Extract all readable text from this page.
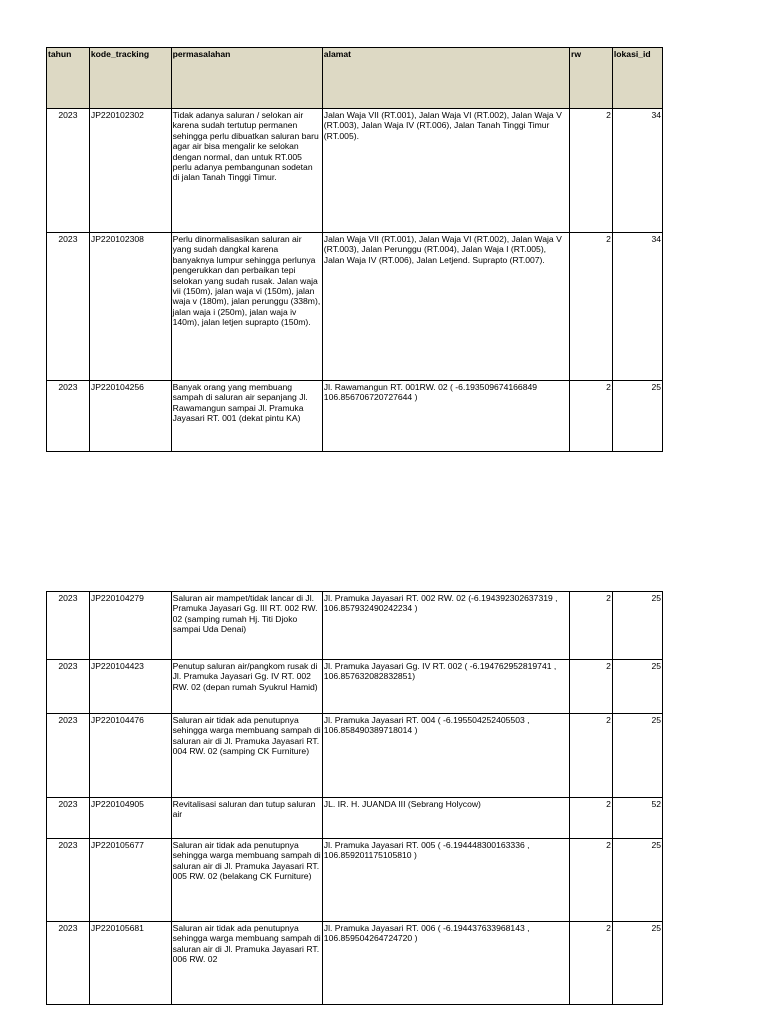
tahun	kode_tracking	permasalahan	alamat	rw	lokasi_id
2023	JP220102302	Tidak adanya saluran / selokan air karena sudah tertutup permanen sehingga perlu dibuatkan saluran baru agar air bisa mengalir ke selokan dengan normal, dan untuk RT.005 perlu adanya pembangunan sodetan di jalan Tanah Tinggi Timur.	Jalan Waja VII (RT.001), Jalan Waja VI (RT.002), Jalan Waja V (RT.003), Jalan Waja IV (RT.006), Jalan Tanah Tinggi Timur (RT.005).	2	34
2023	JP220102308	Perlu dinormalisasikan saluran air yang sudah dangkal karena banyaknya lumpur sehingga perlunya pengerukkan dan perbaikan tepi selokan yang sudah rusak. Jalan waja vii (150m), jalan waja vi (150m), jalan waja v (180m), jalan perunggu (338m), jalan waja i (250m), jalan waja iv 140m), jalan letjen suprapto (150m).	Jalan Waja VII (RT.001), Jalan Waja VI (RT.002), Jalan Waja V (RT.003), Jalan Perunggu (RT.004), Jalan Waja I (RT.005), Jalan Waja IV (RT.006), Jalan Letjend. Suprapto (RT.007).	2	34
2023	JP220104256	Banyak orang yang membuang sampah di saluran air sepanjang Jl. Rawamangun sampai Jl. Pramuka Jayasari RT. 001 (dekat pintu KA)	Jl. Rawamangun RT. 001RW. 02 ( -6.193509674166849 106.856706720727644 )	2	25
2023	JP220104279	Saluran air mampet/tidak lancar di Jl. Pramuka Jayasari Gg. III RT. 002 RW. 02 (samping rumah Hj. Titi Djoko sampai Uda Denai)	Jl. Pramuka Jayasari RT. 002 RW. 02 (-6.194392302637319 , 106.857932490242234 )	2	25
2023	JP220104423	Penutup saluran air/pangkom rusak di Jl. Pramuka Jayasari Gg. IV RT. 002 RW. 02 (depan rumah Syukrul Hamid)	Jl. Pramuka Jayasari Gg. IV RT. 002 ( -6.194762952819741 , 106.857632082832851)	2	25
2023	JP220104476	Saluran air tidak ada penutupnya sehingga warga membuang sampah di saluran air di Jl. Pramuka Jayasari RT. 004 RW. 02 (samping CK Furniture)	Jl. Pramuka Jayasari RT. 004 ( -6.195504252405503 , 106.858490389718014 )	2	25
2023	JP220104905	Revitalisasi saluran dan tutup saluran air	JL. IR. H. JUANDA III (Sebrang Holycow)	2	52
2023	JP220105677	Saluran air tidak ada penutupnya sehingga warga membuang sampah di saluran air di Jl. Pramuka Jayasari RT. 005 RW. 02 (belakang CK Furniture)	Jl. Pramuka Jayasari RT. 005 ( -6.194448300163336 , 106.859201175105810 )	2	25
2023	JP220105681	Saluran air tidak ada penutupnya sehingga warga membuang sampah di saluran air di Jl. Pramuka Jayasari RT. 006 RW. 02	Jl. Pramuka Jayasari RT. 006 ( -6.194437633968143 , 106.859504264724720 )	2	25
